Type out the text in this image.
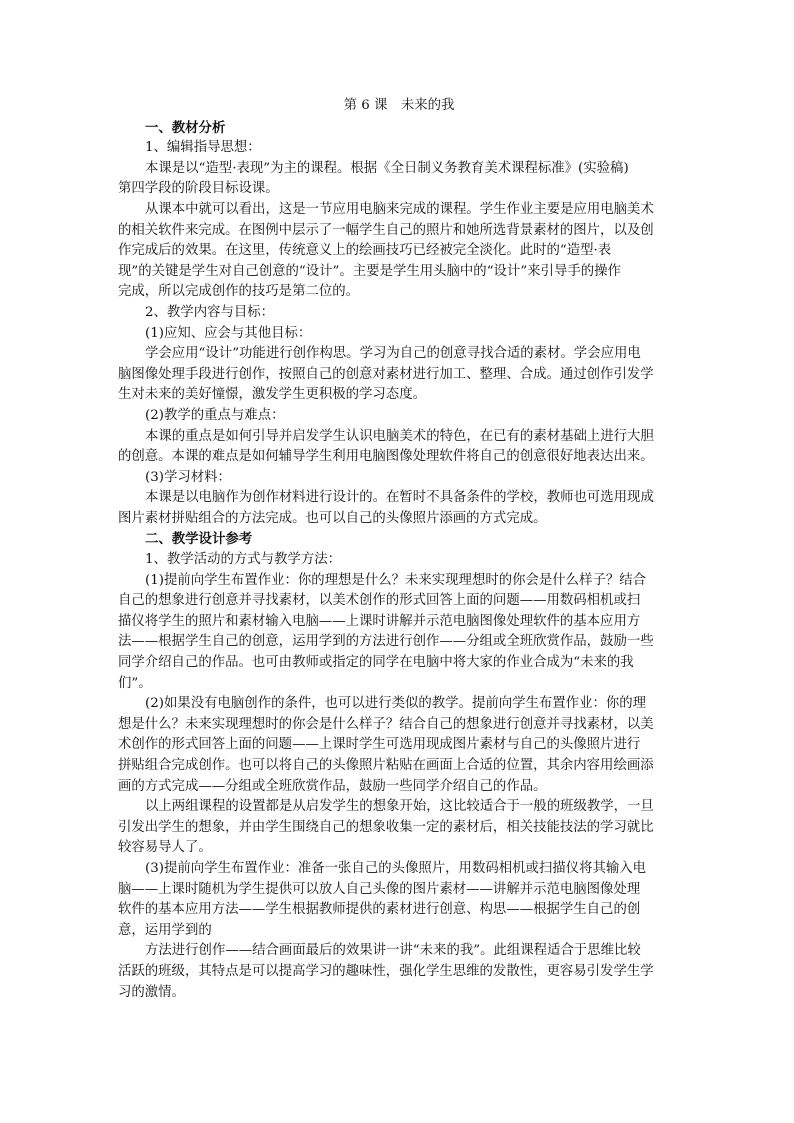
第 6 课　未来的我
一、教材分析
1、编辑指导思想：
本课是以“造型·表现”为主的课程。根据《全日制义务教育美术课程标准》(实验稿)
第四学段的阶段目标设课。
从课本中就可以看出，这是一节应用电脑来完成的课程。学生作业主要是应用电脑美术
的相关软件来完成。在图例中层示了一幅学生自己的照片和她所选背景素材的图片，以及创
作完成后的效果。在这里，传统意义上的绘画技巧已经被完全淡化。此时的“造型·表
现”的关键是学生对自己创意的“设计”。主要是学生用头脑中的“设计”来引导手的操作
完成，所以完成创作的技巧是第二位的。
2、教学内容与目标：
(1)应知、应会与其他目标：
学会应用“设计”功能进行创作构思。学习为自己的创意寻找合适的素材。学会应用电
脑图像处理手段进行创作，按照自己的创意对素材进行加工、整理、合成。通过创作引发学
生对未来的美好憧憬，激发学生更积极的学习态度。
(2)教学的重点与难点：
本课的重点是如何引导并启发学生认识电脑美术的特色，在已有的素材基础上进行大胆
的创意。本课的难点是如何辅导学生利用电脑图像处理软件将自己的创意很好地表达出来。
(3)学习材料：
本课是以电脑作为创作材料进行设计的。在暂时不具备条件的学校，教师也可选用现成
图片素材拼贴组合的方法完成。也可以自己的头像照片添画的方式完成。
二、教学设计参考
1、教学活动的方式与教学方法：
(1)提前向学生布置作业：你的理想是什么？未来实现理想时的你会是什么样子？结合
自己的想象进行创意并寻找素材，以美术创作的形式回答上面的问题——用数码相机或扫
描仪将学生的照片和素材输入电脑——上课时讲解并示范电脑图像处理软件的基本应用方
法——根据学生自己的创意，运用学到的方法进行创作——分组或全班欣赏作品，鼓励一些
同学介绍自己的作品。也可由教师或指定的同学在电脑中将大家的作业合成为“未来的我
们”。
(2)如果没有电脑创作的条件，也可以进行类似的教学。提前向学生布置作业：你的理
想是什么？未来实现理想时的你会是什么样子？结合自己的想象进行创意并寻找素材，以美
术创作的形式回答上面的问题——上课时学生可选用现成图片素材与自己的头像照片进行
拼贴组合完成创作。也可以将自己的头像照片粘贴在画面上合适的位置，其余内容用绘画添
画的方式完成——分组或全班欣赏作品，鼓励一些同学介绍自己的作品。
以上两组课程的设置都是从启发学生的想象开始，这比较适合于一般的班级教学，一旦
引发出学生的想象，并由学生围绕自己的想象收集一定的素材后，相关技能技法的学习就比
较容易导人了。
(3)提前向学生布置作业：准备一张自己的头像照片，用数码相机或扫描仪将其输入电
脑——上课时随机为学生提供可以放人自己头像的图片素材——讲解并示范电脑图像处理
软件的基本应用方法——学生根据教师提供的素材进行创意、构思——根据学生自己的创
意，运用学到的
方法进行创作——结合画面最后的效果讲一讲“未来的我”。此组课程适合于思维比较
活跃的班级，其特点是可以提高学习的趣味性，强化学生思维的发散性，更容易引发学生学
习的激情。
